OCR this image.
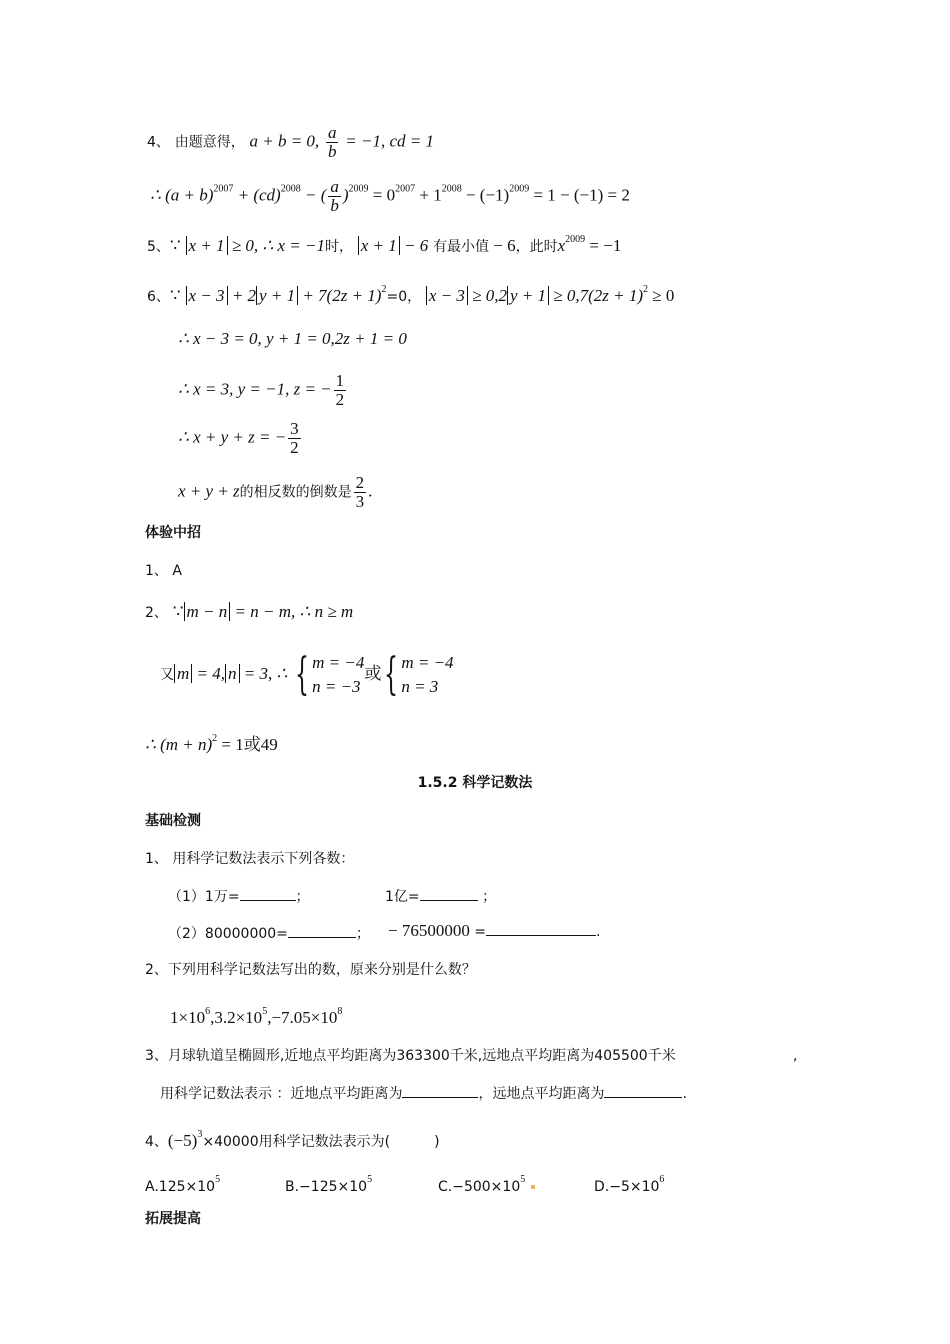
4、 由题意得， a + b = 0, $\frac{a}{b} = -1$, cd = 1
∴ $(a + b)^{2007} + (cd)^{2008}$ − ( $\frac{a}{b} )^{2009} = 0^{2007} + 1^{2008} - (-1)^{2009} = 1 - (-1) = 2$
5、∵ x + 1 ≥ 0, ∴ x = −1时， x + 1 − 6 有最小值 − 6，此时$x^{2009} = -1$
6、∵ x − 3 + 2 $y + 1 + 7(2z + 1)^2=0$， x − 3 ≥ 0,2 $y + 1 \ge 0,7(2z + 1)^2 \ge 0$
∴ x − 3 = 0, y + 1 = 0,2z + 1 = 0
∴ x = 3, y = −1, z = − $\frac{1}{2}$
∴ x + y + z = − $\frac{3}{2}$
x + y + z的相反数的倒数是 $\frac{2}{3}$ .
体验中招
1、 A
2、 ∵ m − n = n − m, ∴ n ≥ m
又 m = 4, n = 3, ∴ { m = −4
n = −3
或{ m = −4
n = 3
∴ $(m + n)^2 = 1$或49
1.5.2 科学记数法
基础检测
1、 用科学记数法表示下列各数：
（1）1万=	；	1亿=	；
（2）80000000=	； − 76500000 =	.
2、下列用科学记数法写出的数，原来分别是什么数？
$1\times 10^6,3.2\times 10^5,-7.05\times 10^8$
3、月球轨道呈椭圆形,近地点平均距离为363300千米,远地点平均距离为405500千米	,
用科学记数法表示 ：近地点平均距离为	，远地点平均距离为	.
4、$(-5)^3\times 40000$用科学记数法表示为(	)
$A.125\times 10^5$	$B.-125\times 10^5$	$C.-500\times 10^5$	$D.-5\times 10^6$
拓展提高
